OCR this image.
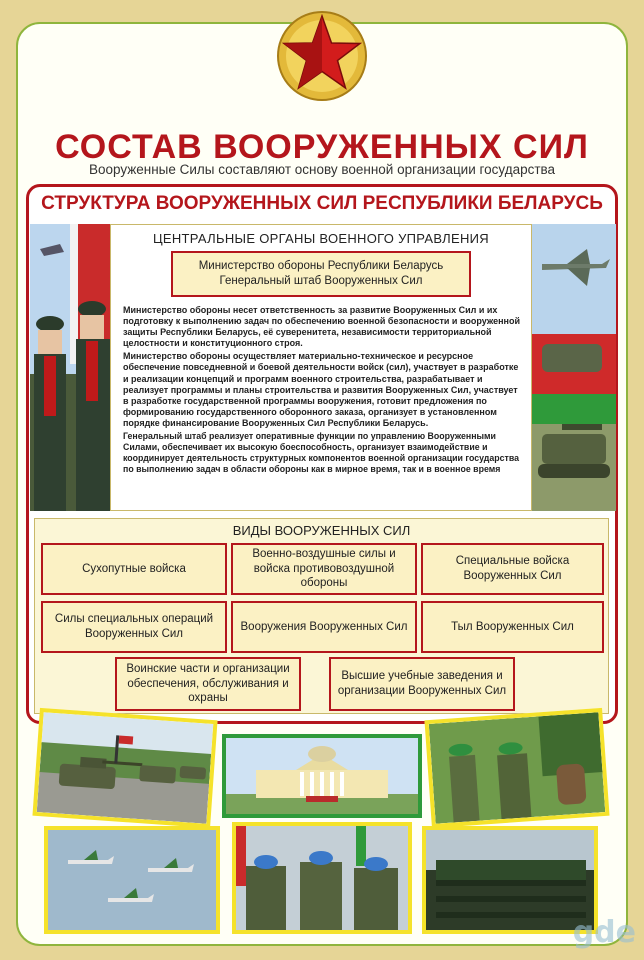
СОСТАВ ВООРУЖЕННЫХ СИЛ
Вооруженные Силы составляют основу военной организации государства
СТРУКТУРА ВООРУЖЕННЫХ СИЛ РЕСПУБЛИКИ БЕЛАРУСЬ
ЦЕНТРАЛЬНЫЕ ОРГАНЫ ВОЕННОГО УПРАВЛЕНИЯ
Министерство обороны Республики Беларусь
Генеральный штаб Вооруженных Сил

Министерство обороны несет ответственность за развитие Вооруженных Сил и их подготовку к выполнению задач по обеспечению военной безопасности и вооруженной защиты Республики Беларусь, её суверенитета, независимости территориальной целостности и конституционного строя.

Министерство обороны осуществляет материально-техническое и ресурсное обеспечение повседневной и боевой деятельности войск (сил), участвует в разработке и реализации концепций и программ военного строительства, разрабатывает и реализует программы и планы строительства и развития Вооруженных Сил, участвует в разработке государственной программы вооружения, готовит предложения по формированию государственного оборонного заказа, организует в установленном порядке финансирование Вооруженных Сил Республики Беларусь.

Генеральный штаб реализует оперативные функции по управлению Вооруженными Силами, обеспечивает их высокую боеспособность, организует взаимодействие и координирует деятельность структурных компонентов военной организации государства по выполнению задач в области обороны как в мирное время, так и в военное время

ВИДЫ ВООРУЖЕННЫХ СИЛ
Сухопутные войска
Военно-воздушные силы и войска противовоздушной обороны
Специальные войска Вооруженных Сил
Силы специальных операций Вооруженных Сил
Вооружения Вооруженных Сил	Тыл Вооруженных Сил
Воинские части и организации обеспечения, обслуживания и охраны
Высшие учебные заведения и организации Вооруженных Сил
gde
